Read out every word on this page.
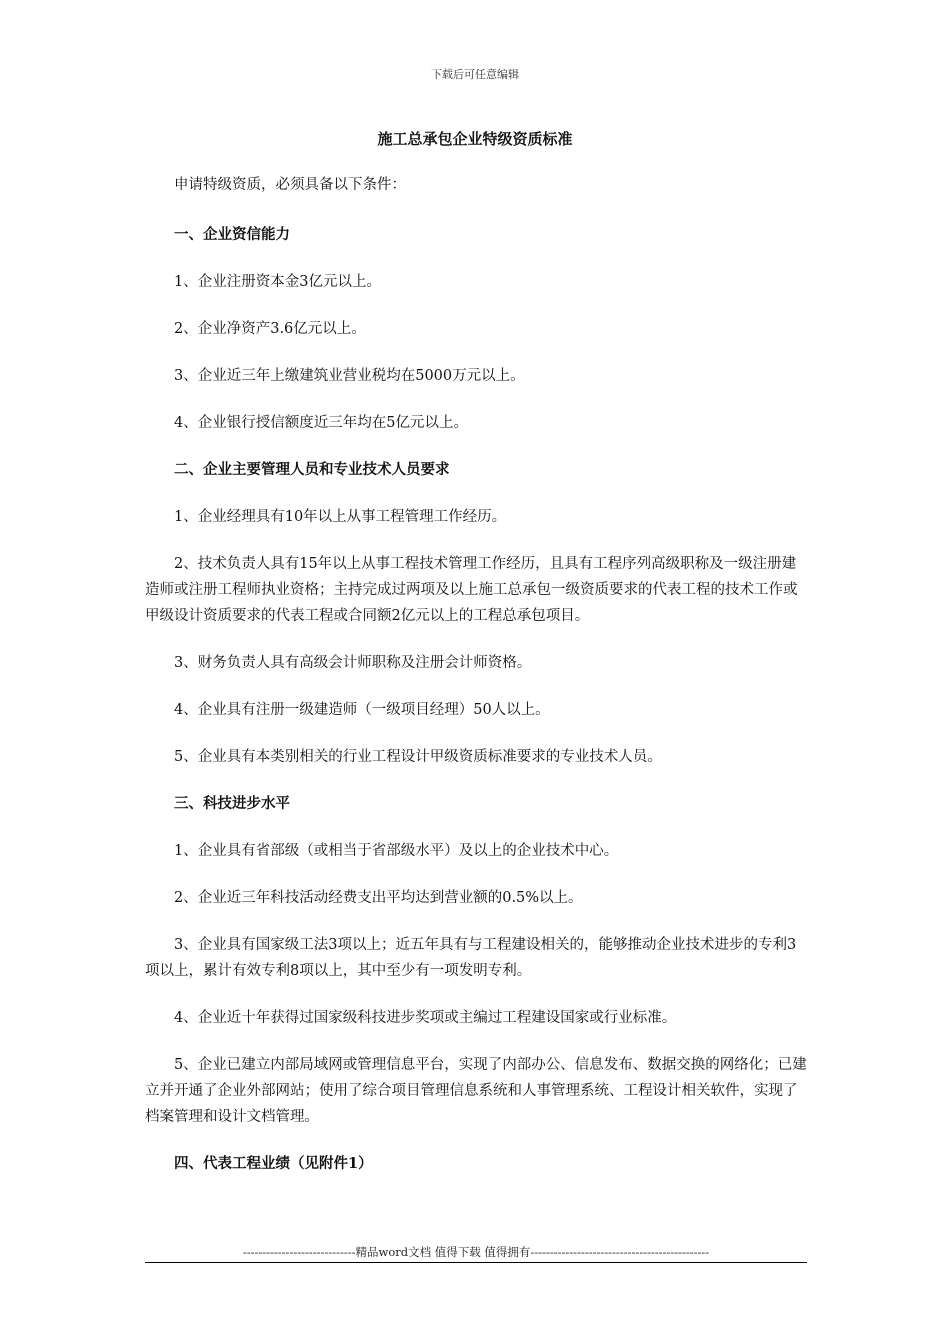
下载后可任意编辑
施工总承包企业特级资质标准

申请特级资质，必须具备以下条件：

一、企业资信能力

1、企业注册资本金3亿元以上。

2、企业净资产3.6亿元以上。

3、企业近三年上缴建筑业营业税均在5000万元以上。

4、企业银行授信额度近三年均在5亿元以上。

二、企业主要管理人员和专业技术人员要求

1、企业经理具有10年以上从事工程管理工作经历。

2、技术负责人具有15年以上从事工程技术管理工作经历，且具有工程序列高级职称及一级注册建造师或注册工程师执业资格；主持完成过两项及以上施工总承包一级资质要求的代表工程的技术工作或甲级设计资质要求的代表工程或合同额2亿元以上的工程总承包项目。

3、财务负责人具有高级会计师职称及注册会计师资格。

4、企业具有注册一级建造师（一级项目经理）50人以上。

5、企业具有本类别相关的行业工程设计甲级资质标准要求的专业技术人员。

三、科技进步水平

1、企业具有省部级（或相当于省部级水平）及以上的企业技术中心。

2、企业近三年科技活动经费支出平均达到营业额的0.5%以上。

3、企业具有国家级工法3项以上；近五年具有与工程建设相关的，能够推动企业技术进步的专利3项以上，累计有效专利8项以上，其中至少有一项发明专利。

4、企业近十年获得过国家级科技进步奖项或主编过工程建设国家或行业标准。

5、企业已建立内部局域网或管理信息平台，实现了内部办公、信息发布、数据交换的网络化；已建立并开通了企业外部网站；使用了综合项目管理信息系统和人事管理系统、工程设计相关软件，实现了档案管理和设计文档管理。

四、代表工程业绩（见附件1）

-----------------------------精品word文档 值得下载 值得拥有----------------------------------------------
